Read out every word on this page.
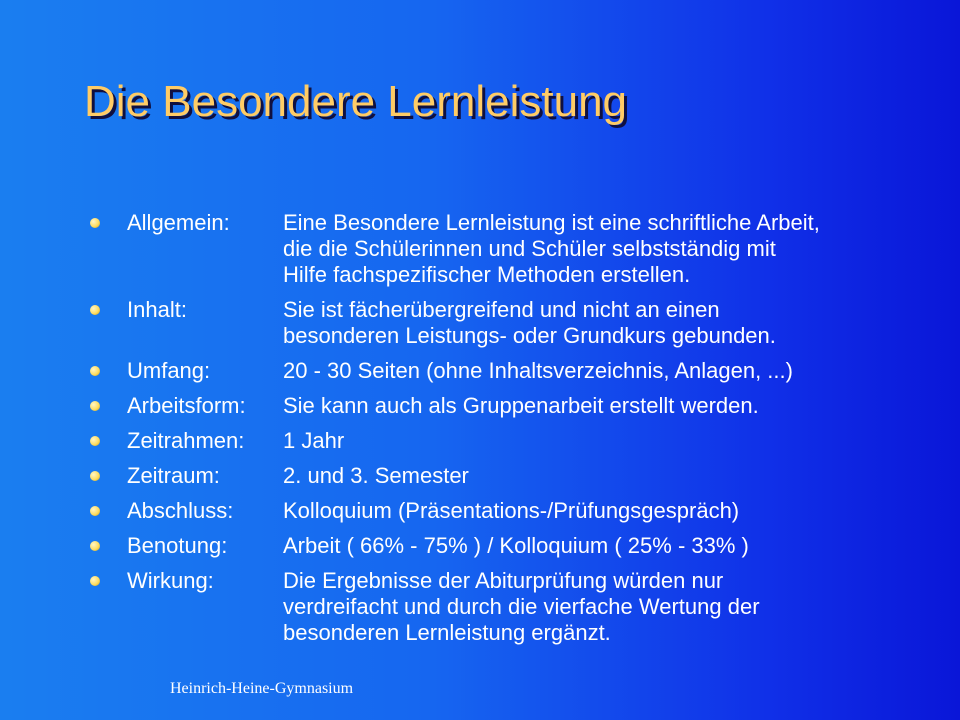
Die Besondere Lernleistung
Allgemein:	Eine Besondere Lernleistung ist eine schriftliche Arbeit,
die die Schülerinnen und Schüler selbstständig mit
Hilfe fachspezifischer Methoden erstellen.
Inhalt:	Sie ist fächerübergreifend und nicht an einen
besonderen Leistungs- oder Grundkurs gebunden.
Umfang:	20 - 30 Seiten (ohne Inhaltsverzeichnis, Anlagen, ...)
Arbeitsform:	Sie kann auch als Gruppenarbeit erstellt werden.
Zeitrahmen:	1 Jahr
Zeitraum:	2. und 3. Semester
Abschluss:	Kolloquium (Präsentations-/Prüfungsgespräch)
Benotung:	Arbeit ( 66% - 75% ) / Kolloquium ( 25% - 33% )
Wirkung:	Die Ergebnisse der Abiturprüfung würden nur
verdreifacht und durch die vierfache Wertung der
besonderen Lernleistung ergänzt.
Heinrich-Heine-Gymnasium
